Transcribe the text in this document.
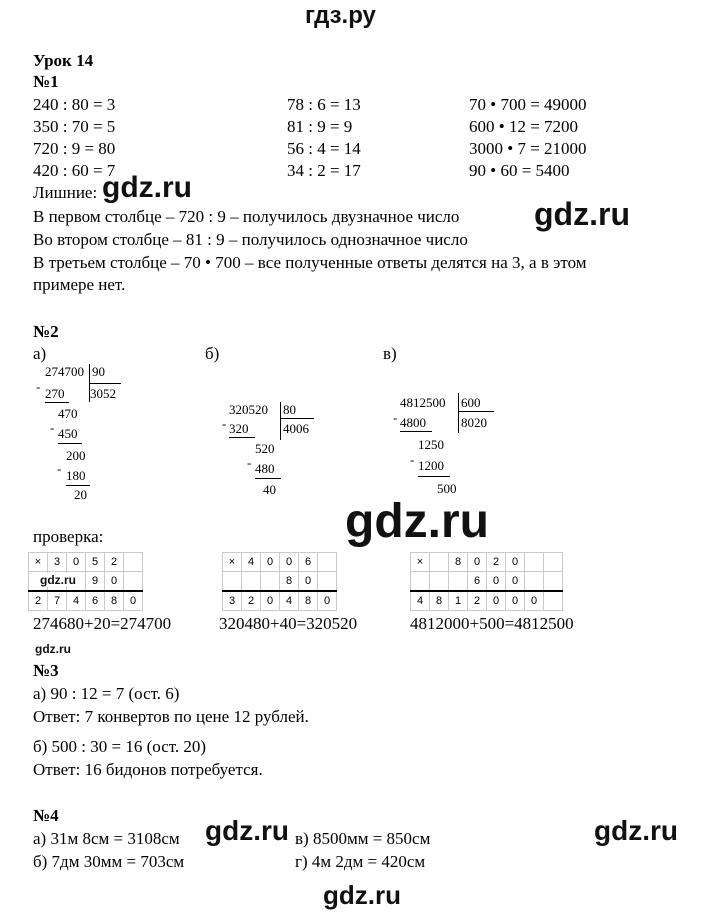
гдз.ру
Урок 14
№1
240 : 80 = 3
350 : 70 = 5
720 : 9 = 80
420 : 60 = 7
78 : 6 = 13
81 : 9 = 9
56 : 4 = 14
34 : 2 = 17
70 • 700 = 49000
600 • 12 = 7200
3000 • 7 = 21000
90 • 60 = 5400
Лишние: gdz.ru
В первом столбце – 720 : 9 – получилось двузначное число gdz.ru
Во втором столбце – 81 : 9 – получилось однозначное число
В третьем столбце – 70 • 700 – все полученные ответы делятся на 3, а в этом
примере нет.
№2
а)	б)	в)
274700 90
- 270 3052
470
- 450
200
- 180
20
320520 80
- 320	4006
520
- 480
40
4812500 600
- 4800	8020
1250
- 1200
500
gdz.ru
проверка:
×	3	0	5	2	
			9	0	
2	7	4	6	8	0
gdz.ru
×	4	0	0	6	
			8	0	
3	2	0	4	8	0
×		8	0	2	0		
			6	0	0		
4	8	1	2	0	0	0	
274680+20=274700	320480+40=320520	4812000+500=4812500
gdz.ru
№3
а) 90 : 12 = 7 (ост. 6)
Ответ: 7 конвертов по цене 12 рублей.
б) 500 : 30 = 16 (ост. 20)
Ответ: 16 бидонов потребуется.
№4
а) 31м 8см = 3108см gdz.ru в) 8500мм = 850см	gdz.ru
б) 7дм 30мм = 703см	г) 4м 2дм = 420см
gdz.ru
